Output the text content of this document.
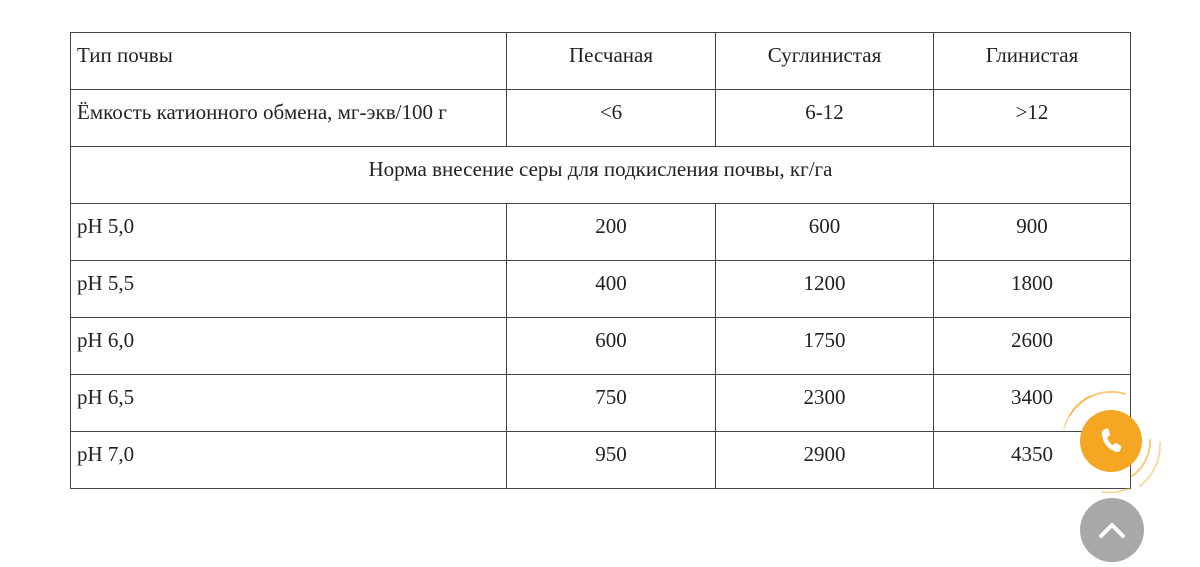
Тип почвы	Песчаная	Суглинистая	Глинистая
Ёмкость катионного обмена, мг-экв/100 г	<6	6-12	>12
Норма внесение серы для подкисления почвы, кг/га			
pH 5,0	200	600	900
pH 5,5	400	1200	1800
pH 6,0	600	1750	2600
pH 6,5	750	2300	3400
pH 7,0	950	2900	4350
